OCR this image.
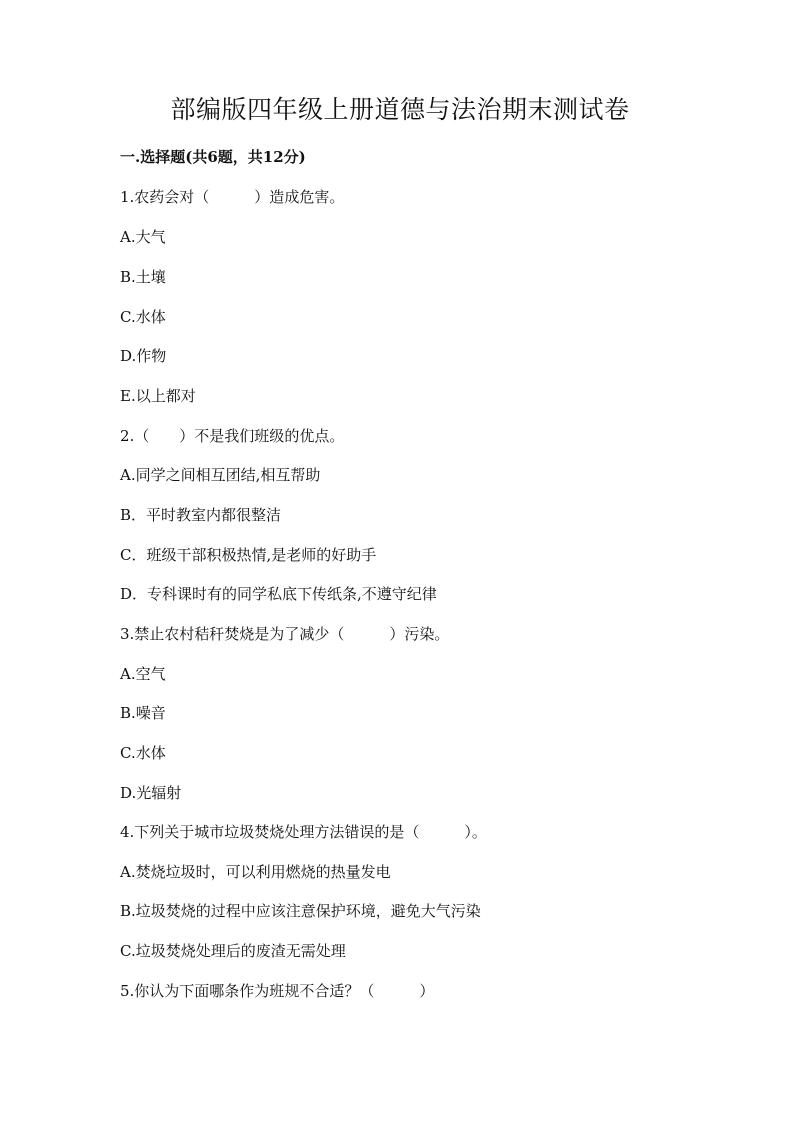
部编版四年级上册道德与法治期末测试卷
一.选择题(共6题，共12分)
1.农药会对（　　　）造成危害。
A.大气
B.土壤
C.水体
D.作物
E.以上都对
2.（　　）不是我们班级的优点。
A.同学之间相互团结,相互帮助
B．平时教室内都很整洁
C．班级干部积极热情,是老师的好助手
D．专科课时有的同学私底下传纸条,不遵守纪律
3.禁止农村秸秆焚烧是为了减少（　　　）污染。
A.空气
B.噪音
C.水体
D.光辐射
4.下列关于城市垃圾焚烧处理方法错误的是（　　　）。
A.焚烧垃圾时，可以利用燃烧的热量发电
B.垃圾焚烧的过程中应该注意保护环境，避免大气污染
C.垃圾焚烧处理后的废渣无需处理
5.你认为下面哪条作为班规不合适？（　　　）
